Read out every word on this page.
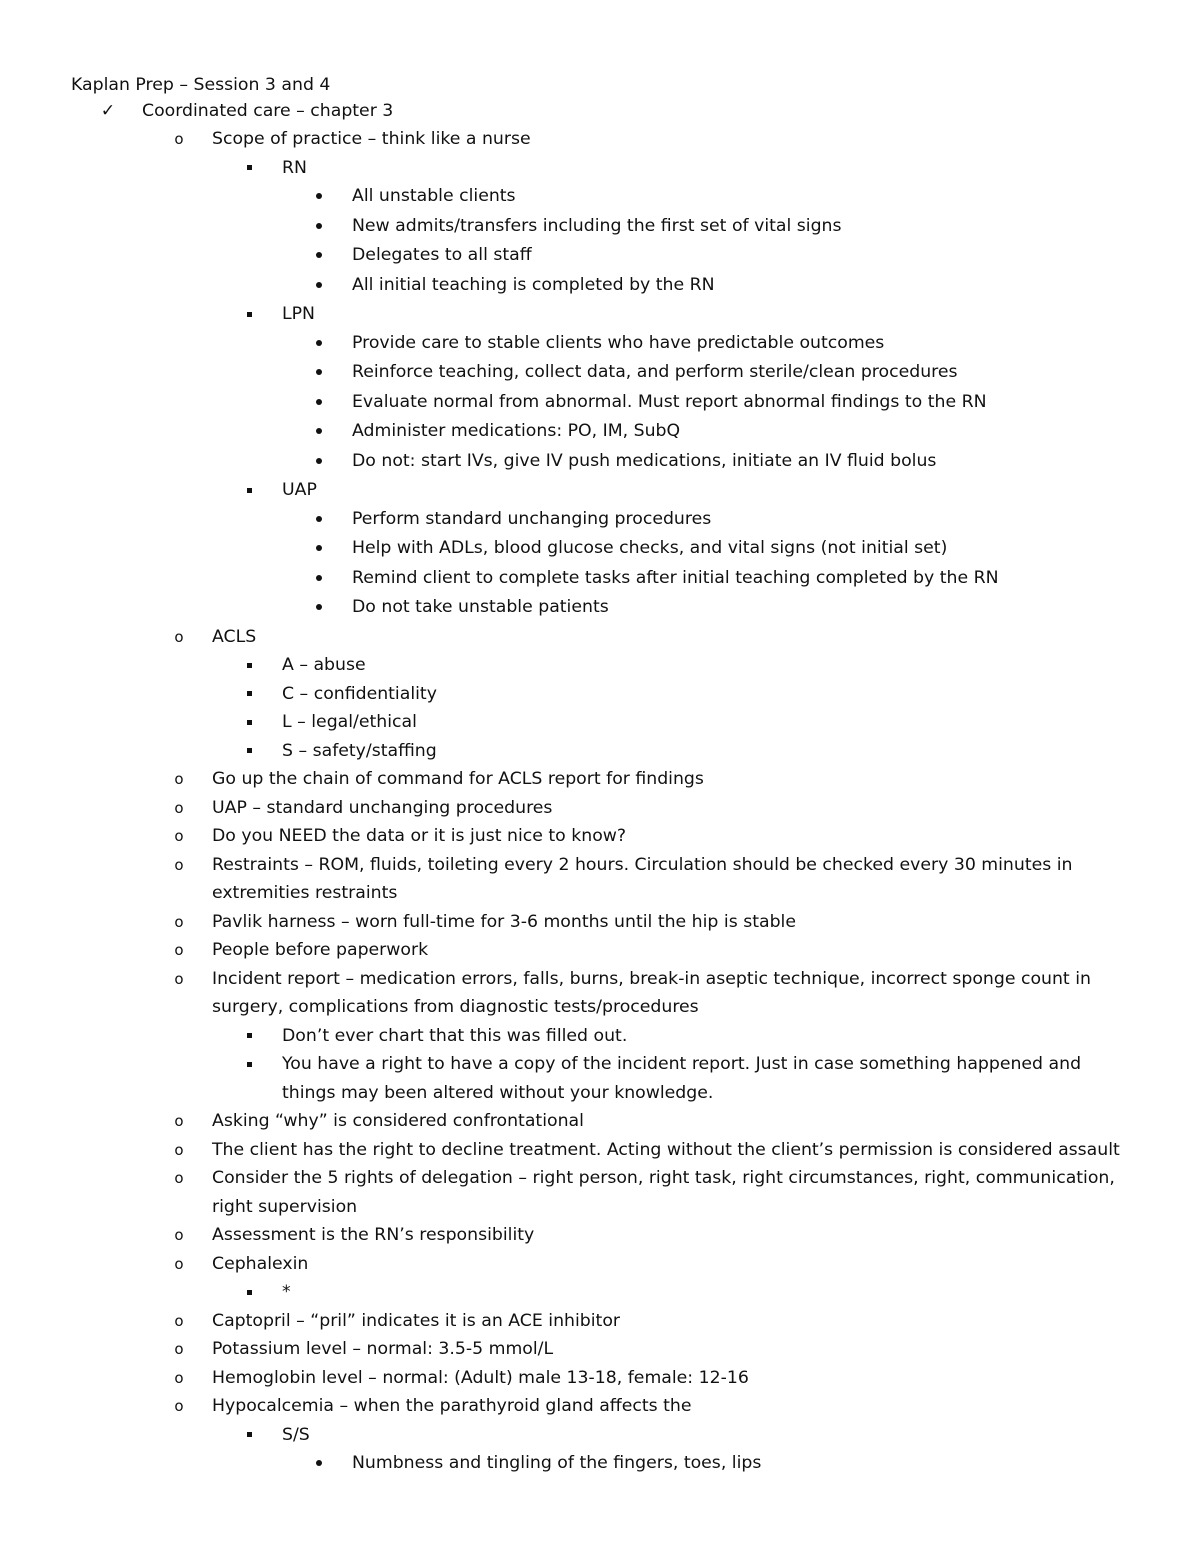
Kaplan Prep – Session 3 and 4
✓ Coordinated care – chapter 3
o Scope of practice – think like a nurse
RN
All unstable clients
New admits/transfers including the first set of vital signs
Delegates to all staff
All initial teaching is completed by the RN
LPN
Provide care to stable clients who have predictable outcomes
Reinforce teaching, collect data, and perform sterile/clean procedures
Evaluate normal from abnormal. Must report abnormal findings to the RN
Administer medications: PO, IM, SubQ
Do not: start IVs, give IV push medications, initiate an IV fluid bolus
UAP
Perform standard unchanging procedures
Help with ADLs, blood glucose checks, and vital signs (not initial set)
Remind client to complete tasks after initial teaching completed by the RN
Do not take unstable patients
o ACLS
A – abuse
C – confidentiality
L – legal/ethical
S – safety/staffing
o Go up the chain of command for ACLS report for findings
o UAP – standard unchanging procedures
o Do you NEED the data or it is just nice to know?
o Restraints – ROM, fluids, toileting every 2 hours. Circulation should be checked every 30 minutes in
extremities restraints
o Pavlik harness – worn full-time for 3-6 months until the hip is stable
o People before paperwork
o Incident report – medication errors, falls, burns, break-in aseptic technique, incorrect sponge count in
surgery, complications from diagnostic tests/procedures
Don’t ever chart that this was filled out.
You have a right to have a copy of the incident report. Just in case something happened and
things may been altered without your knowledge.
o Asking “why” is considered confrontational
o The client has the right to decline treatment. Acting without the client’s permission is considered assault
o Consider the 5 rights of delegation – right person, right task, right circumstances, right, communication,
right supervision
o Assessment is the RN’s responsibility
o Cephalexin
*
o Captopril – “pril” indicates it is an ACE inhibitor
o Potassium level – normal: 3.5-5 mmol/L
o Hemoglobin level – normal: (Adult) male 13-18, female: 12-16
o Hypocalcemia – when the parathyroid gland affects the
S/S
Numbness and tingling of the fingers, toes, lips
